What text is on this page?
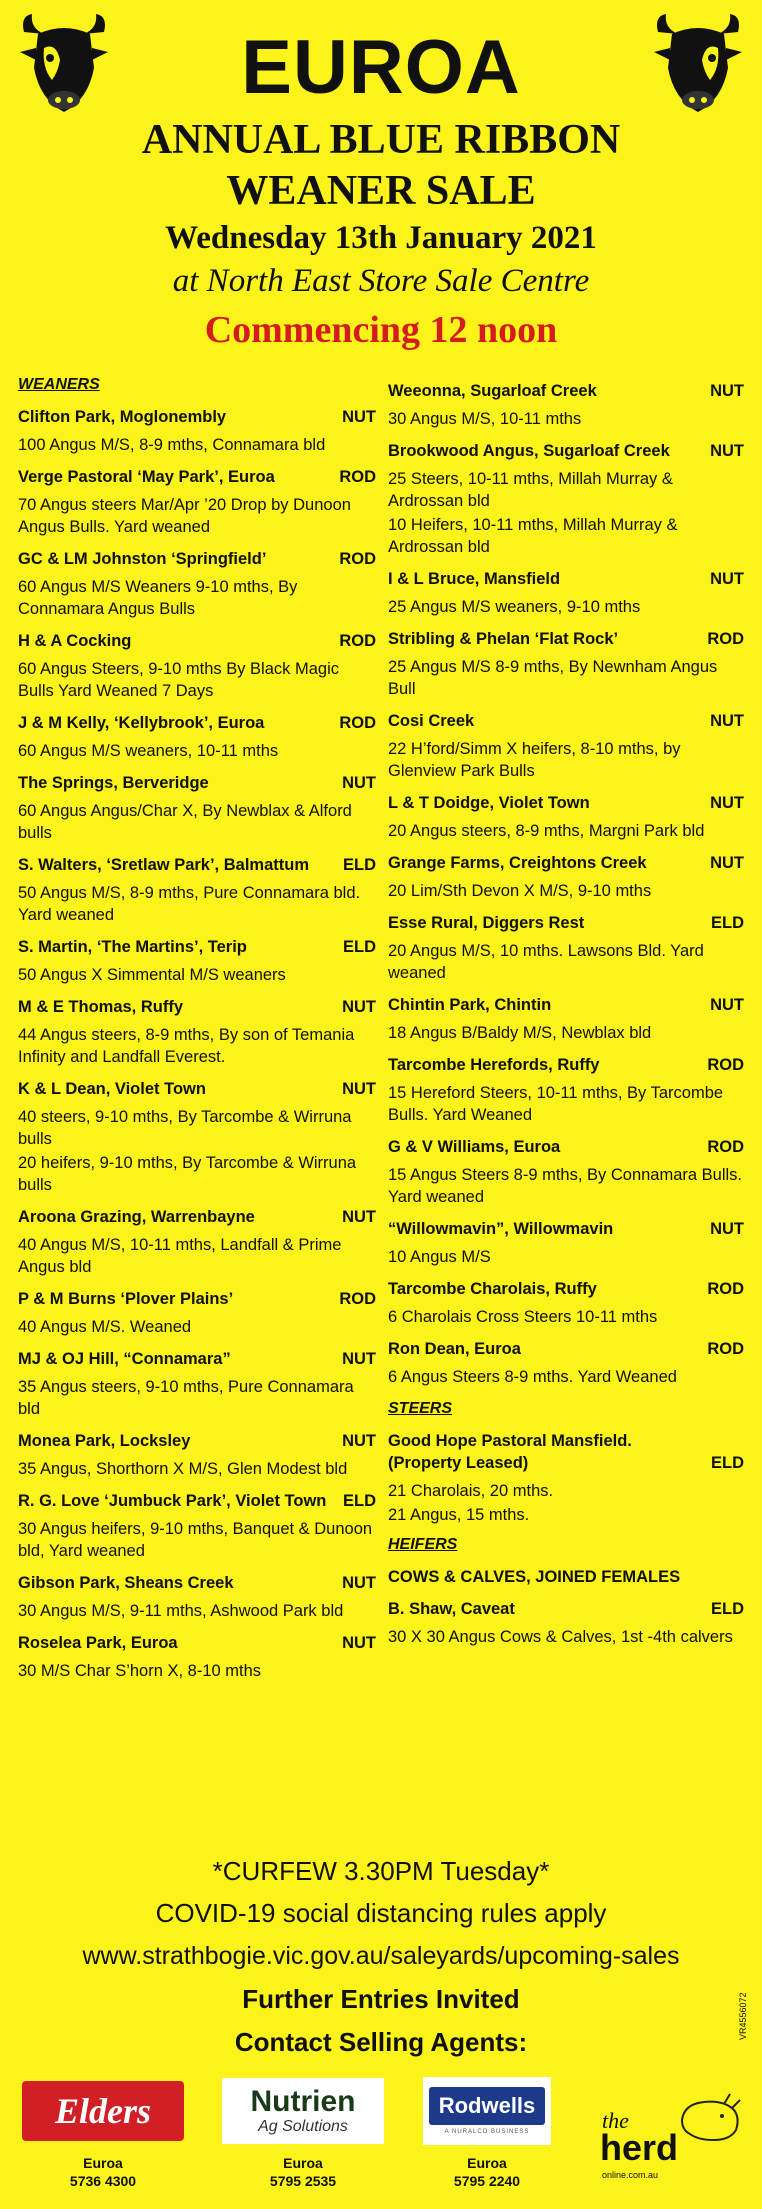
EUROA
ANNUAL BLUE RIBBON
WEANER SALE
Wednesday 13th January 2021
at North East Store Sale Centre
Commencing 12 noon
WEANERS
Clifton Park, Moglonembly	NUT
100 Angus M/S, 8-9 mths, Connamara bld
Verge Pastoral ‘May Park’, Euroa	ROD
70 Angus steers Mar/Apr ’20 Drop by Dunoon Angus Bulls. Yard weaned
GC & LM Johnston ‘Springfield’	ROD
60 Angus M/S Weaners 9-10 mths, By Connamara Angus Bulls
H & A Cocking	ROD
60 Angus Steers, 9-10 mths By Black Magic Bulls Yard Weaned 7 Days
J & M Kelly, ‘Kellybrook’, Euroa	ROD
60 Angus M/S weaners, 10-11 mths
The Springs, Berveridge	NUT
60 Angus Angus/Char X, By Newblax & Alford bulls
S. Walters, ‘Sretlaw Park’, Balmattum	ELD
50 Angus M/S, 8-9 mths, Pure Connamara bld. Yard weaned
S. Martin, ‘The Martins’, Terip	ELD
50 Angus X Simmental M/S weaners
M & E Thomas, Ruffy	NUT
44 Angus steers, 8-9 mths, By son of Temania Infinity and Landfall Everest.
K & L Dean, Violet Town	NUT
40 steers, 9-10 mths, By Tarcombe & Wirruna bulls
20 heifers, 9-10 mths, By Tarcombe & Wirruna bulls
Aroona Grazing, Warrenbayne	NUT
40 Angus M/S, 10-11 mths, Landfall & Prime Angus bld
P & M Burns ‘Plover Plains’	ROD
40 Angus M/S. Weaned
MJ & OJ Hill, “Connamara”	NUT
35 Angus steers, 9-10 mths, Pure Connamara bld
Monea Park, Locksley	NUT
35 Angus, Shorthorn X M/S, Glen Modest bld
R. G. Love ‘Jumbuck Park’, Violet Town	ELD
30 Angus heifers, 9-10 mths, Banquet & Dunoon bld, Yard weaned
Gibson Park, Sheans Creek	NUT
30 Angus M/S, 9-11 mths, Ashwood Park bld
Roselea Park, Euroa	NUT
30 M/S Char S’horn X, 8-10 mths
Weeonna, Sugarloaf Creek	NUT
30 Angus M/S, 10-11 mths
Brookwood Angus, Sugarloaf Creek	NUT
25 Steers, 10-11 mths, Millah Murray & Ardrossan bld
10 Heifers, 10-11 mths, Millah Murray & Ardrossan bld
I & L Bruce, Mansfield	NUT
25 Angus M/S weaners, 9-10 mths
Stribling & Phelan ‘Flat Rock’	ROD
25 Angus M/S 8-9 mths, By Newnham Angus Bull
Cosi Creek	NUT
22 H’ford/Simm X heifers, 8-10 mths, by Glenview Park Bulls
L & T Doidge, Violet Town	NUT
20 Angus steers, 8-9 mths, Margni Park bld
Grange Farms, Creightons Creek	NUT
20 Lim/Sth Devon X M/S, 9-10 mths
Esse Rural, Diggers Rest	ELD
20 Angus M/S, 10 mths. Lawsons Bld. Yard weaned
Chintin Park, Chintin	NUT
18 Angus B/Baldy M/S, Newblax bld
Tarcombe Herefords, Ruffy	ROD
15 Hereford Steers, 10-11 mths, By Tarcombe Bulls. Yard Weaned
G & V Williams, Euroa	ROD
15 Angus Steers 8-9 mths, By Connamara Bulls. Yard weaned
“Willowmavin”, Willowmavin	NUT
10 Angus M/S
Tarcombe Charolais, Ruffy	ROD
6 Charolais Cross Steers 10-11 mths
Ron Dean, Euroa	ROD
6 Angus Steers 8-9 mths. Yard Weaned
STEERS
Good Hope Pastoral Mansfield. (Property Leased)	ELD
21 Charolais, 20 mths.
21 Angus, 15 mths.
HEIFERS
COWS & CALVES, JOINED FEMALES
B. Shaw, Caveat	ELD
30 X 30 Angus Cows & Calves, 1st -4th calvers
*CURFEW 3.30PM Tuesday*
COVID-19 social distancing rules apply
www.strathbogie.vic.gov.au/saleyards/upcoming-sales
Further Entries Invited
Contact Selling Agents:
Elders
Euroa
5736 4300
Nutrien
Ag Solutions
Euroa
5795 2535
Rodwells
A NURALCO BUSINESS
Euroa
5795 2240
the
herd
online.com.au
VR4556072
